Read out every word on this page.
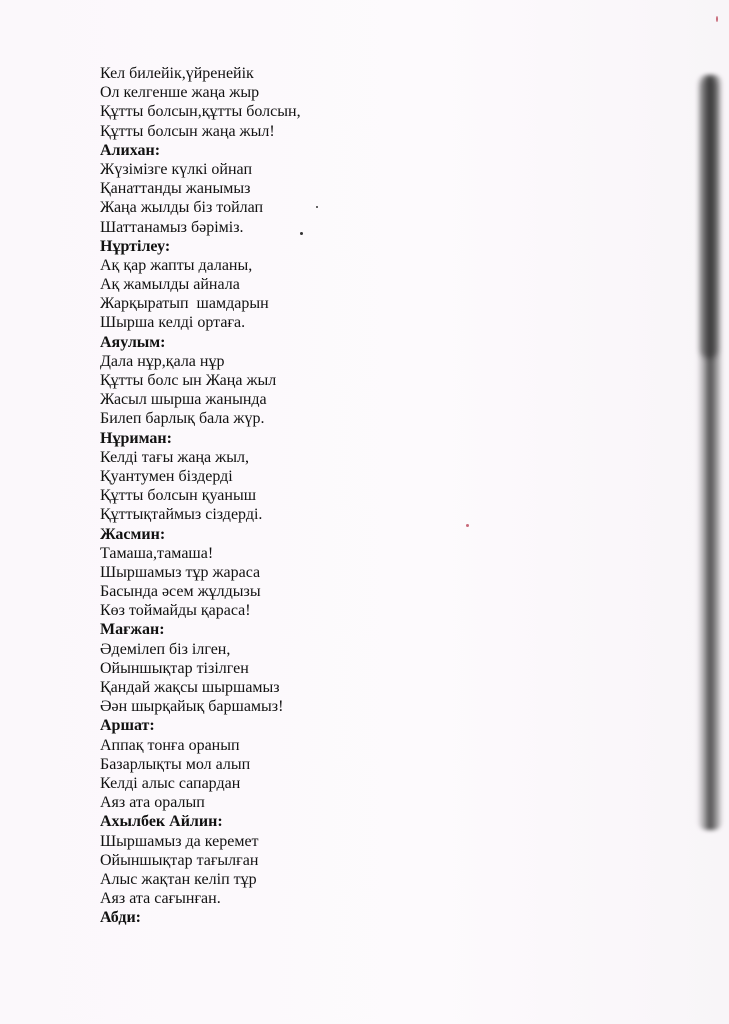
Кел билейік,үйренейік
Ол келгенше жаңа жыр
Құтты болсын,құтты болсын,
Құтты болсын жаңа жыл!
Алихан:
Жүзімізге күлкі ойнап
Қанаттанды жанымыз
Жаңа жылды біз тойлап
Шаттанамыз бәріміз.
Нұртілеу:
Ақ қар жапты даланы,
Ақ жамылды айнала
Жарқыратып  шамдарын
Шырша келді ортаға.
Аяулым:
Дала нұр,қала нұр
Құтты болс ын Жаңа жыл
Жасыл шырша жанында
Билеп барлық бала жүр.
Нұриман:
Келді тағы жаңа жыл,
Қуантумен біздерді
Құтты болсын қуаныш
Құттықтаймыз сіздерді.
Жасмин:
Тамаша,тамаша!
Шыршамыз тұр жараса
Басында әсем жұлдызы
Көз тоймайды қараса!
Мағжан:
Әдемілеп біз ілген,
Ойыншықтар тізілген
Қандай жақсы шыршамыз
Әән шырқайық баршамыз!
Аршат:
Аппақ тонға оранып
Базарлықты мол алып
Келді алыс сапардан
Аяз ата оралып
Ахылбек Айлин:
Шыршамыз да керемет
Ойыншықтар тағылған
Алыс жақтан келіп тұр
Аяз ата сағынған.
Абди:
